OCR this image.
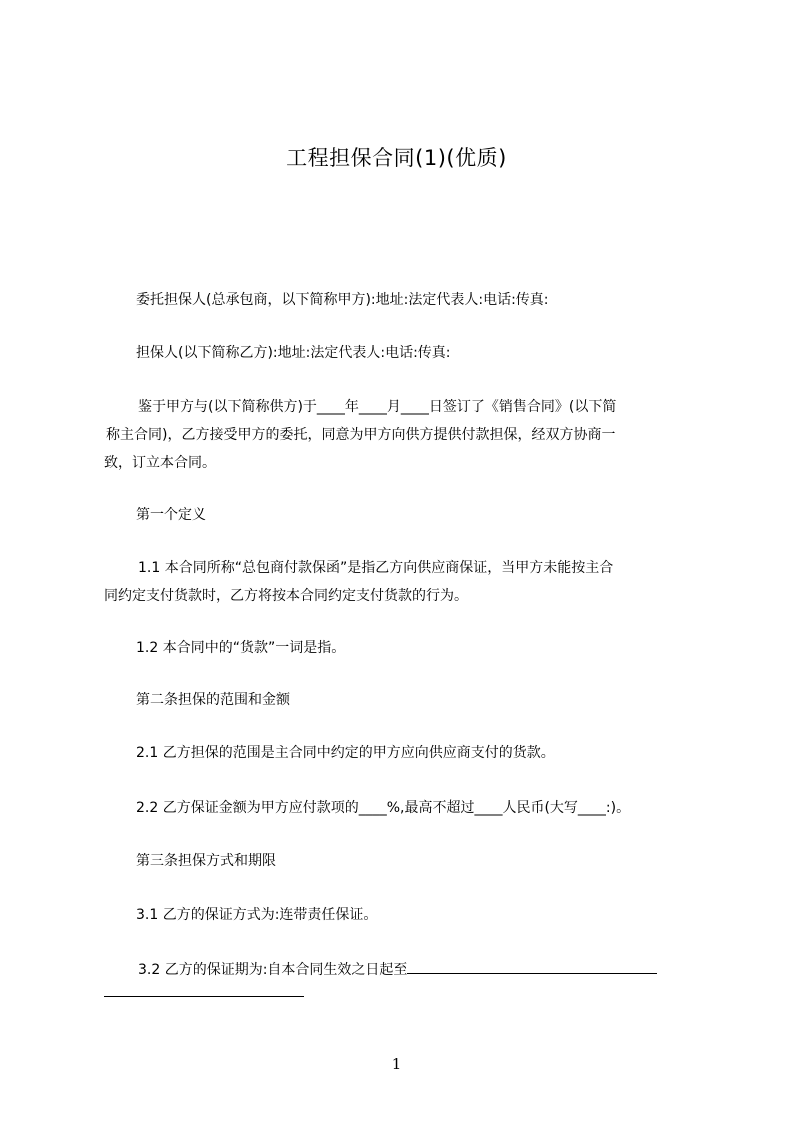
工程担保合同(1)(优质)
委托担保人(总承包商，以下简称甲方):地址:法定代表人:电话:传真:
担保人(以下简称乙方):地址:法定代表人:电话:传真:
鉴于甲方与(以下简称供方)于____年____月____日签订了《销售合同》(以下简
称主合同)，乙方接受甲方的委托，同意为甲方向供方提供付款担保，经双方协商一
致，订立本合同。
第一个定义
1.1 本合同所称“总包商付款保函”是指乙方向供应商保证，当甲方未能按主合
同约定支付货款时，乙方将按本合同约定支付货款的行为。
1.2 本合同中的“货款”一词是指。
第二条担保的范围和金额
2.1 乙方担保的范围是主合同中约定的甲方应向供应商支付的货款。
2.2 乙方保证金额为甲方应付款项的____%,最高不超过____人民币(大写____:)。
第三条担保方式和期限
3.1 乙方的保证方式为:连带责任保证。
3.2 乙方的保证期为:自本合同生效之日起至
1
